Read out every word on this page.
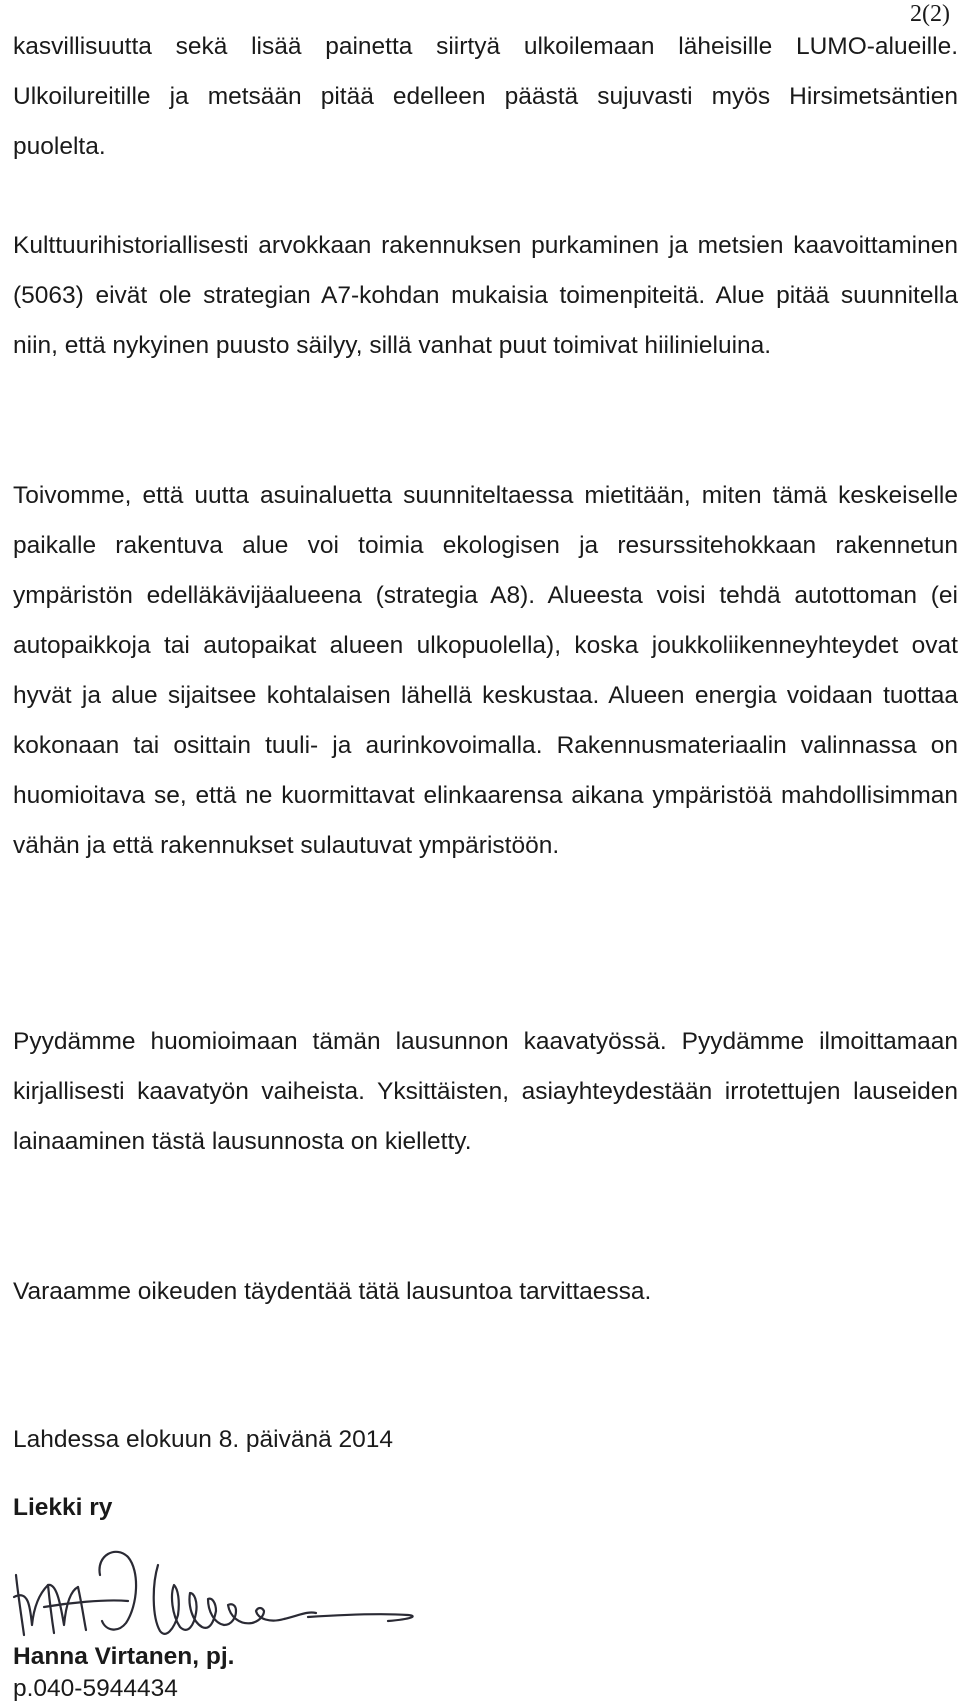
2(2)

kasvillisuutta sekä lisää painetta siirtyä ulkoilemaan läheisille LUMO-alueille. Ulkoilureitille ja metsään pitää edelleen päästä sujuvasti myös Hirsimetsäntien puolelta.

Kulttuurihistoriallisesti arvokkaan rakennuksen purkaminen ja metsien kaavoittaminen (5063) eivät ole strategian A7-kohdan mukaisia toimenpiteitä. Alue pitää suunnitella niin, että nykyinen puusto säilyy, sillä vanhat puut toimivat hiilinieluina.

Toivomme, että uutta asuinaluetta suunniteltaessa mietitään, miten tämä keskeiselle paikalle rakentuva alue voi toimia ekologisen ja resurssitehokkaan rakennetun ympäristön edelläkävijäalueena (strategia A8). Alueesta voisi tehdä autottoman (ei autopaikkoja tai autopaikat alueen ulkopuolella), koska joukkoliikenneyhteydet ovat hyvät ja alue sijaitsee kohtalaisen lähellä keskustaa. Alueen energia voidaan tuottaa kokonaan tai osittain tuuli- ja aurinkovoimalla. Rakennusmateriaalin valinnassa on huomioitava se, että ne kuormittavat elinkaarensa aikana ympäristöä mahdollisimman vähän ja että rakennukset sulautuvat ympäristöön.

Pyydämme huomioimaan tämän lausunnon kaavatyössä. Pyydämme ilmoittamaan kirjallisesti kaavatyön vaiheista. Yksittäisten, asiayhteydestään irrotettujen lauseiden lainaaminen tästä lausunnosta on kielletty.

Varaamme oikeuden täydentää tätä lausuntoa tarvittaessa.

Lahdessa elokuun 8. päivänä 2014

Liekki ry

Hanna Virtanen, pj.

p.040-5944434
